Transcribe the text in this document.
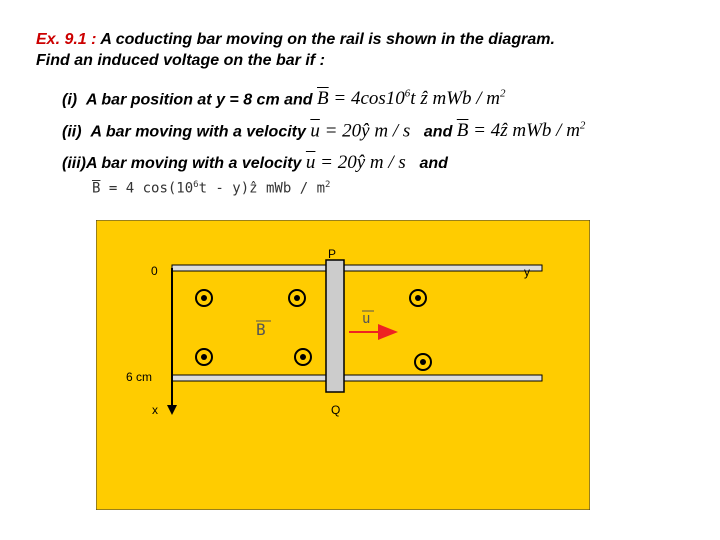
Ex. 9.1 : A coducting bar moving on the rail is shown in the diagram.
Find an induced voltage on the bar if :
(i) A bar position at y = 8 cm and $\overline{B} = 4\cos 10^6t$ ẑ mWb / $m^2$
(ii) A bar moving with a velocity $\overline{u}$ = 20ŷ m / s and $\overline{B}$ = 4ẑ mWb / $m^2$
(iii)A bar moving with a velocity $\overline{u}$ = 20ŷ m / s and
$\overline{B} = 4$ $\cos(10^6t$ - y)ẑ mWb / $m^2$
P
Q
0	y
6 cm
x
B
u
